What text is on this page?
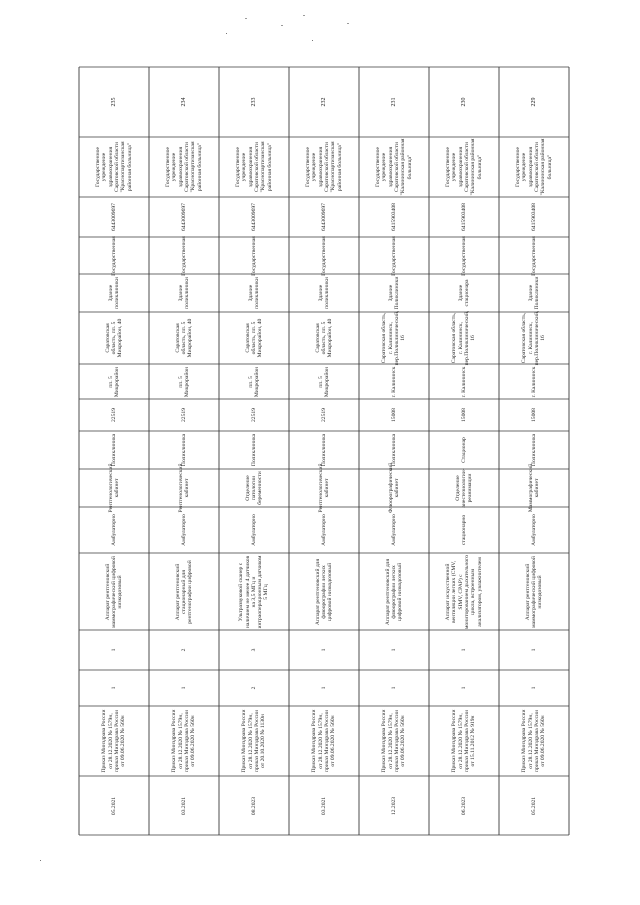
229
Государственное учреждение здравоохранения Саратовской области "Калининская районная больница"
6415903408
Государственная
Здание Поликлиники
Саратовская область, г. Калининск, пер.Поликлинический, 16
г. Калининск
15008
Поликлиника
Маммографический кабинет
Амбулаторно
Аппарат рентгеновский маммографический цифровой низкодозовый
1
1
Приказ Минздрава России от 28.12.2020 № 1579н, приказ Минздрава России от 09.06.2020 № 560н
05.2021
230
Государственное учреждение здравоохранения Саратовской области "Калининская районная больница"
6415903408
Государственная
Здание стационара
Саратовская область, г. Калининск, пер.Поликлинический, 16
г. Калининск
15008
Стационар
Отделение анестезиологии-реанимации
стационарно
Аппарат искусственной вентиляции легких (CMV, SIMV, CPAP) с мониторованием дыхательного цикла, встроенным анализатором, увлажнителем
1
1
Приказ Минздрава России от 28.12.2020 № 1579н, приказ Минздрава России от 15.11.2012 № 919н
06.2023
231
Государственное учреждение здравоохранения Саратовской области "Калининская районная больница"
6415903408
Государственная
Здание Поликлиники
Саратовская область, г. Калининск, пер.Поликлинический, 16
г. Калининск
15008
Поликлиника
Флюорографический кабинет
Амбулаторно
Аппарат рентгеновский для флюорографии легких цифровой низкодозовый
1
1
Приказ Минздрава России от 28.12.2020 № 1579н, приказ Минздрава России от 09.06.2020 № 560н
12.2023
232
Государственное учреждение здравоохранения Саратовской области "Краснопартизанская районная больница"
6443009697
Государственная
Здание поликлиники
Саратовская область, пп. 5 Микрорайон, 40
пп. 5 Микрорайон
22519
Поликлиника
Рентгенологический кабинет
Амбулаторно
Аппарат рентгеновский для флюорографии легких цифровой низкодозовый
1
1
Приказ Минздрава России от 28.12.2020 № 1579н, приказ Минздрава России от 09.06.2020 № 560н
03.2021
233
Государственное учреждение здравоохранения Саратовской области "Краснопартизанская районная больница"
6443009697
Государственная
Здание поликлиники
Саратовская область, пп. 5 Микрорайон, 40
пп. 5 Микрорайон
22519
Поликлиника
Отделение патологии беременности
Амбулаторно
Ультразвуковой сканер с наличием не менее 4 датчиков на 3,5 МГц и интраоперационным датчиком 5 МГц
3
2
Приказ Минздрава России от 28.12.2020 № 1579н, приказ Минздрава России от 20.10.2020 № 1130н
08.2023
234
Государственное учреждение здравоохранения Саратовской области "Краснопартизанская районная больница"
6443009697
Государственная
Здание поликлиники
Саратовская область, пп. 5 Микрорайон, 40
пп. 5 Микрорайон
22519
Поликлиника
Рентгенологический кабинет
Амбулаторно
Аппарат рентгеновский стационарный для рентгенографии цифровой
2
1
Приказ Минздрава России от 28.12.2020 № 1579н, приказ Минздрава России от 09.06.2020 № 560н
03.2021
235
Государственное учреждение здравоохранения Саратовской области "Краснопартизанская районная больница"
6443009697
Государственная
Здание поликлиники
Саратовская область, пп. 5 Микрорайон, 40
пп. 5 Микрорайон
22519
Поликлиника
Рентгенологический кабинет
Амбулаторно
Аппарат рентгеновский маммографический цифровой низкодозовый
1
1
Приказ Минздрава России от 28.12.2020 № 1579н, приказ Минздрава России от 09.06.2020 № 560н
05.2021
